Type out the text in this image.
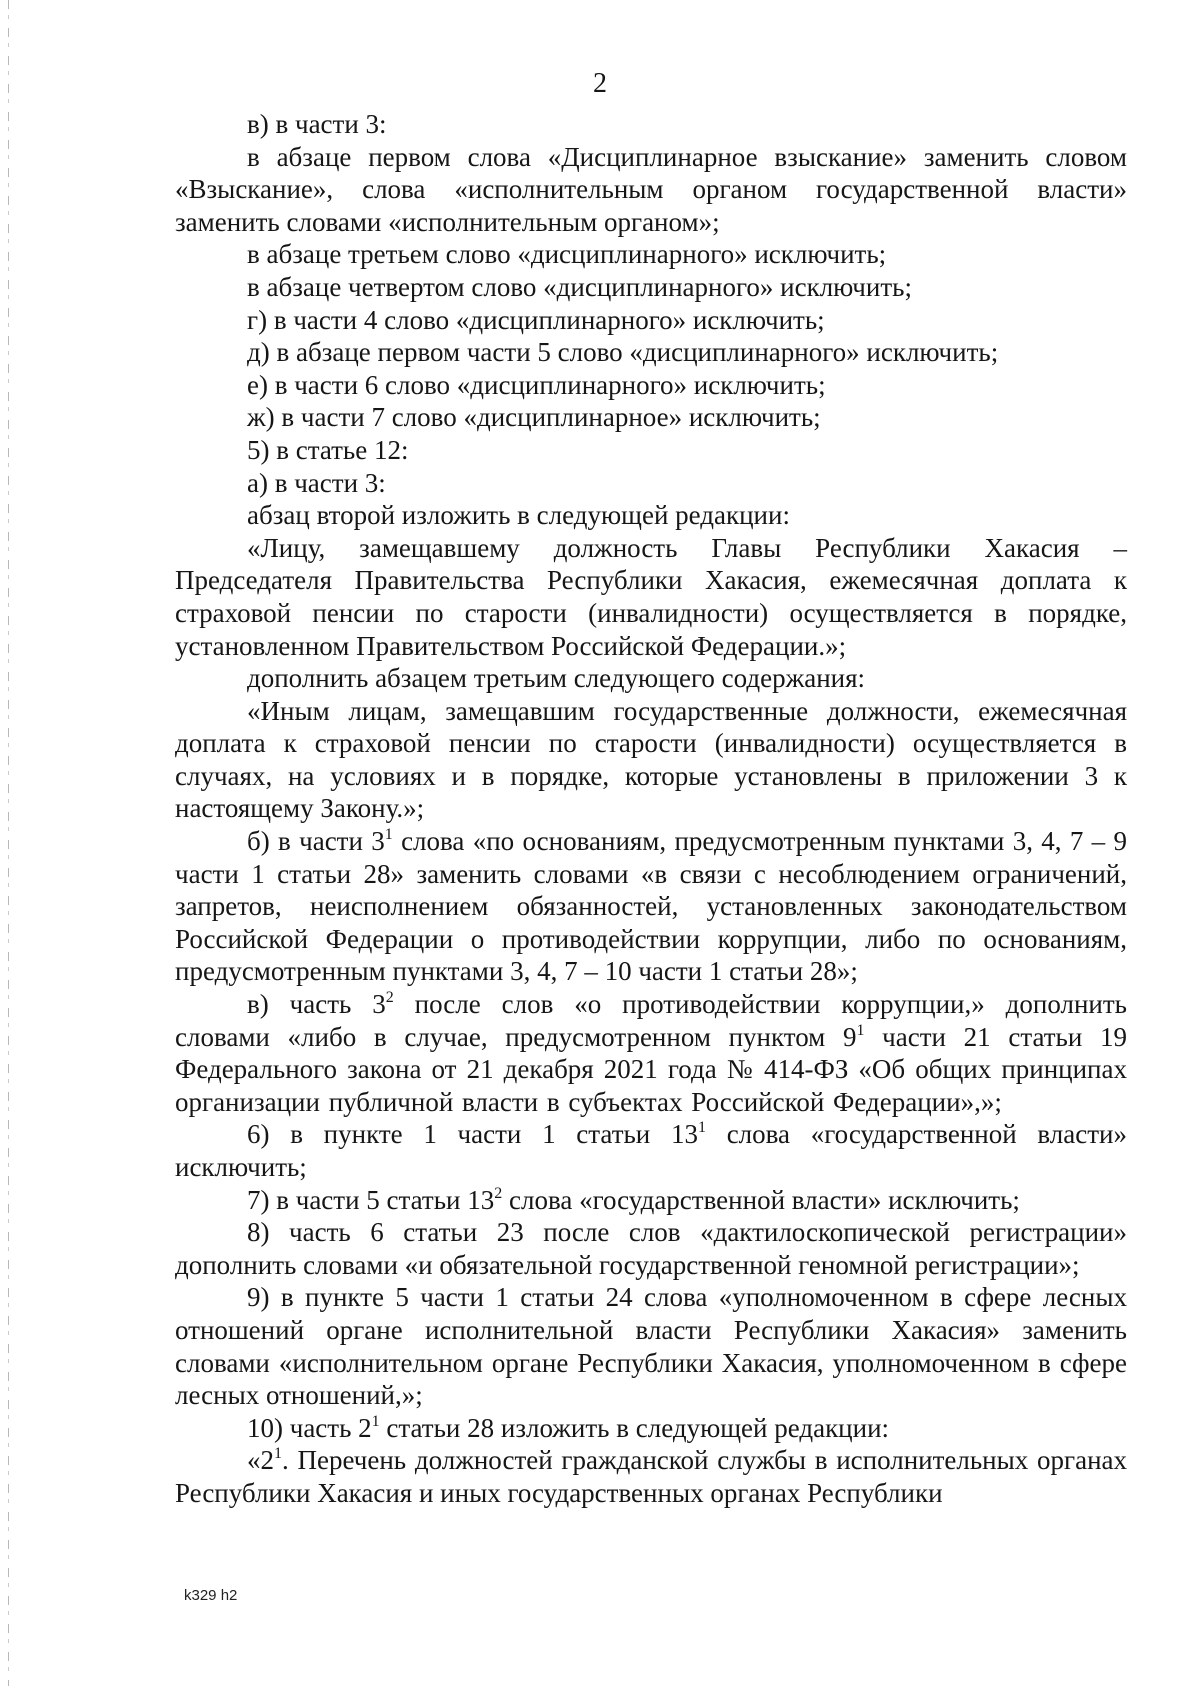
2

в) в части 3:

в абзаце первом слова «Дисциплинарное взыскание» заменить словом «Взыскание», слова «исполнительным органом государственной власти» заменить словами «исполнительным органом»;

в абзаце третьем слово «дисциплинарного» исключить;

в абзаце четвертом слово «дисциплинарного» исключить;

г) в части 4 слово «дисциплинарного» исключить;

д) в абзаце первом части 5 слово «дисциплинарного» исключить;

е) в части 6 слово «дисциплинарного» исключить;

ж) в части 7 слово «дисциплинарное» исключить;

5) в статье 12:

а) в части 3:

абзац второй изложить в следующей редакции:

«Лицу, замещавшему должность Главы Республики Хакасия – Председателя Правительства Республики Хакасия, ежемесячная доплата к страховой пенсии по старости (инвалидности) осуществляется в порядке, установленном Правительством Российской Федерации.»;

дополнить абзацем третьим следующего содержания:

«Иным лицам, замещавшим государственные должности, ежемесячная доплата к страховой пенсии по старости (инвалидности) осуществляется в случаях, на условиях и в порядке, которые установлены в приложении 3 к настоящему Закону.»;

б) в части $3^1$ слова «по основаниям, предусмотренным пунктами 3, 4, 7 – 9 части 1 статьи 28» заменить словами «в связи с несоблюдением ограничений, запретов, неисполнением обязанностей, установленных законодательством Российской Федерации о противодействии коррупции, либо по основаниям, предусмотренным пунктами 3, 4, 7 – 10 части 1 статьи 28»;

в) часть $3^2$ после слов «о противодействии коррупции,» дополнить словами «либо в случае, предусмотренном пунктом $9^1$ части 21 статьи 19 Федерального закона от 21 декабря 2021 года № 414-ФЗ «Об общих принципах организации публичной власти в субъектах Российской Федерации»,»;

6) в пункте 1 части 1 статьи $13^1$ слова «государственной власти» исключить;

7) в части 5 статьи $13^2$ слова «государственной власти» исключить;

8) часть 6 статьи 23 после слов «дактилоскопической регистрации» дополнить словами «и обязательной государственной геномной регистрации»;

9) в пункте 5 части 1 статьи 24 слова «уполномоченном в сфере лесных отношений органе исполнительной власти Республики Хакасия» заменить словами «исполнительном органе Республики Хакасия, уполномоченном в сфере лесных отношений,»;

10) часть $2^1$ статьи 28 изложить в следующей редакции:

«$2^1$. Перечень должностей гражданской службы в исполнительных органах Республики Хакасия и иных государственных органах Республики

k329 h2
